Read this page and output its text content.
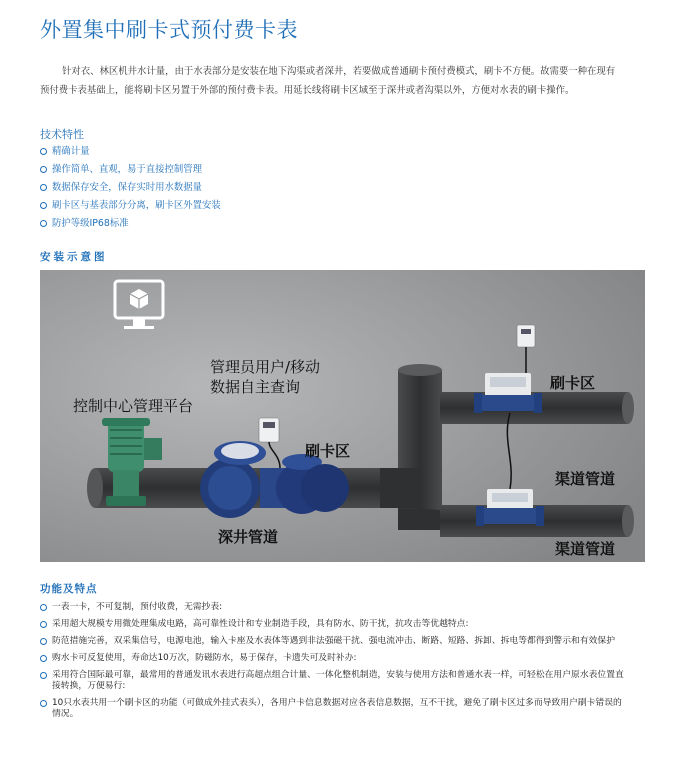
外置集中刷卡式预付费卡表
针对衣、林区机井水计量，由于水表部分是安装在地下沟渠或者深井，若要做成普通刷卡预付费模式，刷卡不方便。故需要一种在现有预付费卡表基础上，能将刷卡区另置于外部的预付费卡表。用延长线将刷卡区域至于深井或者沟渠以外，方便对水表的刷卡操作。
技术特性
精确计量
操作简单、直观，易于直接控制管理
数据保存安全，保存实时用水数据量
刷卡区与基表部分分离，刷卡区外置安装
防护等级IP68标准
安装示意图
控制中心管理平台
管理员用户/移动
数据自主查询
刷卡区
刷卡区
深井管道
渠道管道
渠道管道
功能及特点
一表一卡，不可复制，预付收费，无需抄表:
采用超大规模专用微处理集成电路，高可靠性设计和专业制造手段，具有防水、防干扰，抗攻击等优越特点:
防范措施完善，双采集信号，电源电池，输入卡座及水表体等遇到非法强磁干扰、强电流冲击、断路、短路、拆卸、拆电等都得到警示和有效保护
购水卡可反复使用，寿命达10万次，防磁防水，易于保存，卡遗失可及时补办:
采用符合国际最可靠，最常用的普通发讯水表进行高超点组合计量、一体化整机制造，安装与使用方法和普通水表一样，可轻松在用户原水表位置直接转换，万便易行:
10只水表共用一个刷卡区的功能（可做成外挂式表头），各用户卡信息数据对应各表信息数据，互不干扰，避免了刷卡区过多而导致用户刷卡错误的情况。
